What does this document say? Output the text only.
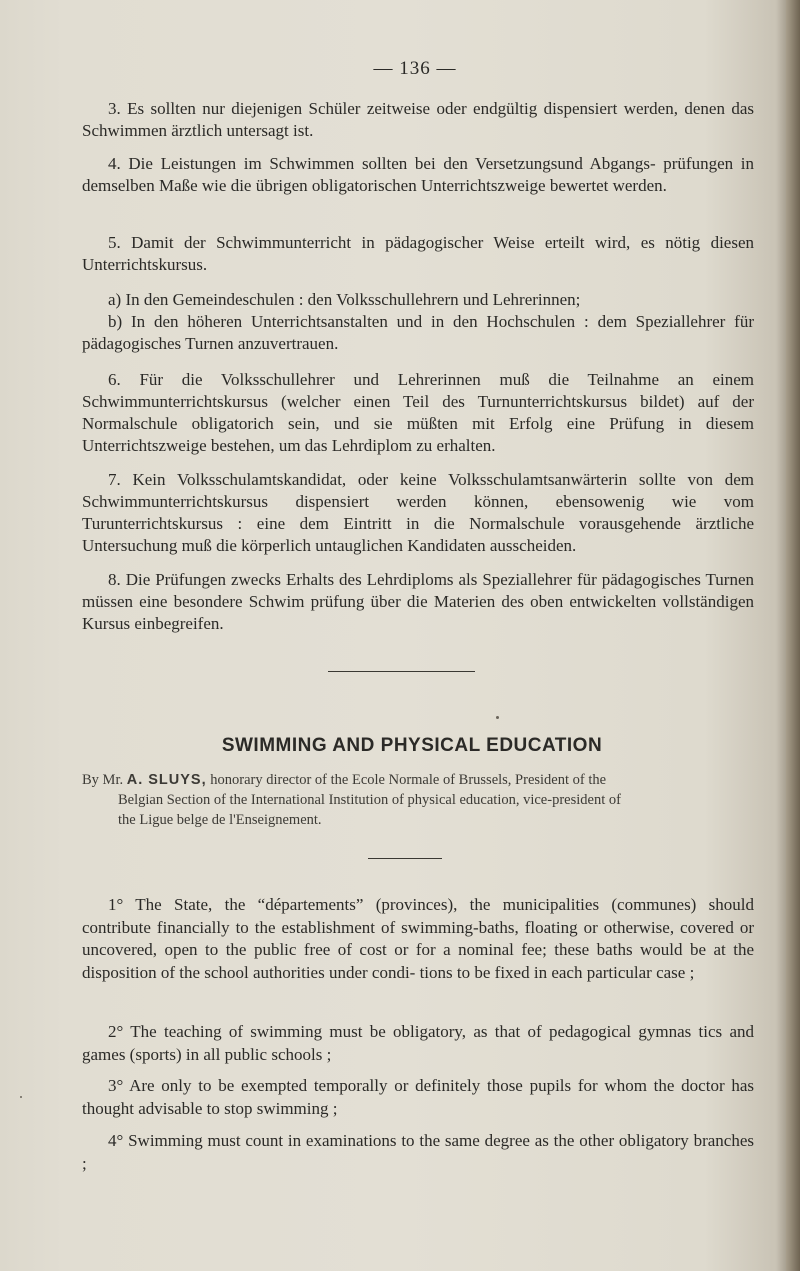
— 136 —

3. Es sollten nur diejenigen Schüler zeitweise oder endgültig dispensiert werden, denen das Schwimmen ärztlich untersagt ist.

4. Die Leistungen im Schwimmen sollten bei den Versetzungsund Abgangs- prüfungen in demselben Maße wie die übrigen obligatorischen Unterrichtszweige bewertet werden.

5. Damit der Schwimmunterricht in pädagogischer Weise erteilt wird, es nötig diesen Unterrichtskursus.

a) In den Gemeindeschulen : den Volksschullehrern und Lehrerinnen;

b) In den höheren Unterrichtsanstalten und in den Hochschulen : dem Speziallehrer für pädagogisches Turnen anzuvertrauen.

6. Für die Volksschullehrer und Lehrerinnen muß die Teilnahme an einem Schwimmunterrichtskursus (welcher einen Teil des Turnunterrichtskursus bildet) auf der Normalschule obligatorich sein, und sie müßten mit Erfolg eine Prüfung in diesem Unterrichtszweige bestehen, um das Lehrdiplom zu erhalten.

7. Kein Volksschulamtskandidat, oder keine Volksschulamtsanwärterin sollte von dem Schwimmunterrichtskursus dispensiert werden können, ebensowenig wie vom Turunterrichtskursus : eine dem Eintritt in die Normalschule vorausgehende ärztliche Untersuchung muß die körperlich untauglichen Kandidaten ausscheiden.

8. Die Prüfungen zwecks Erhalts des Lehrdiploms als Speziallehrer für pädagogisches Turnen müssen eine besondere Schwim prüfung über die Materien des oben entwickelten vollständigen Kursus einbegreifen.

SWIMMING AND PHYSICAL EDUCATION
By Mr. A. SLUYS, honorary director of the Ecole Normale of Brussels, President of the
Belgian Section of the International Institution of physical education, vice-president of
the Ligue belge de l'Enseignement.

1° The State, the “départements” (provinces), the municipalities (communes) should contribute financially to the establishment of swimming-baths, floating or otherwise, covered or uncovered, open to the public free of cost or for a nominal fee; these baths would be at the disposition of the school authorities under condi- tions to be fixed in each particular case ;

2° The teaching of swimming must be obligatory, as that of pedagogical gymnas tics and games (sports) in all public schools ;

3° Are only to be exempted temporally or definitely those pupils for whom the doctor has thought advisable to stop swimming ;

4° Swimming must count in examinations to the same degree as the other obligatory branches ;
